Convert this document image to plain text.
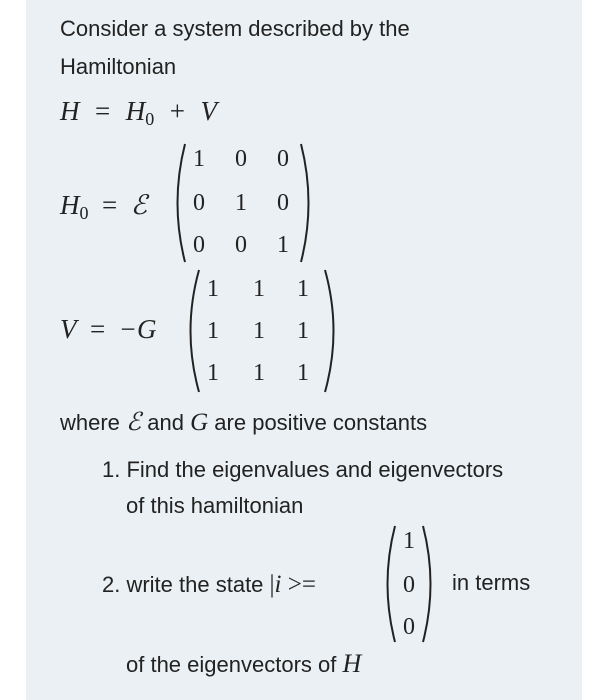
Consider a system described by the
Hamiltonian
$H = H_0 + V$
$H_0$ = ℰ
1	0	0
0	1	0
0	0	1
V = −G
1	1	1
1	1	1
1	1	1
where ℰ and G are positive constants
1. Find the eigenvalues and eigenvectors
of this hamiltonian
2. write the state |i >=
1
0
0
in terms
of the eigenvectors of H
